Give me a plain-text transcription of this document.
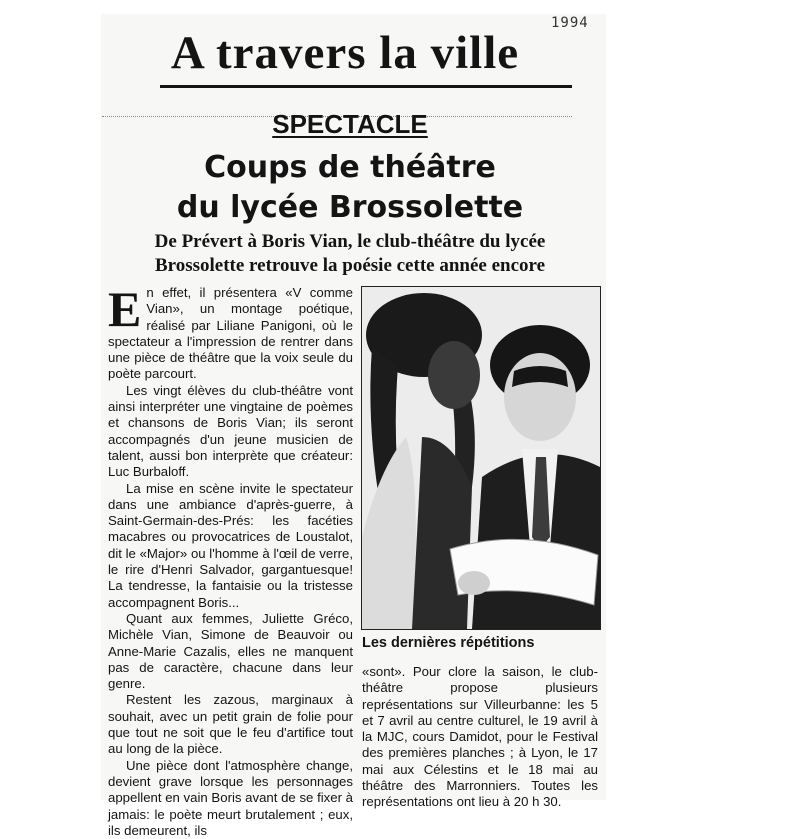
1994
A travers la ville
SPECTACLE
Coups de théâtre
du lycée Brossolette
De Prévert à Boris Vian, le club-théâtre du lycée
Brossolette retrouve la poésie cette année encore

En effet, il présentera «V comme Vian», un montage poétique, réalisé par Liliane Panigoni, où le spectateur a l'impression de rentrer dans une pièce de théâtre que la voix seule du poète parcourt.

Les vingt élèves du club-théâtre vont ainsi interpréter une vingtaine de poèmes et chansons de Boris Vian; ils seront accompagnés d'un jeune musicien de talent, aussi bon interprète que créateur: Luc Burbaloff.

La mise en scène invite le spectateur dans une ambiance d'après-guerre, à Saint-Germain-des-Prés: les facéties macabres ou provocatrices de Loustalot, dit le «Major» ou l'homme à l'œil de verre, le rire d'Henri Salvador, gargantuesque! La tendresse, la fantaisie ou la tristesse accompagnent Boris...

Quant aux femmes, Juliette Gréco, Michèle Vian, Simone de Beauvoir ou Anne-Marie Cazalis, elles ne manquent pas de caractère, chacune dans leur genre.

Restent les zazous, marginaux à souhait, avec un petit grain de folie pour que tout ne soit que le feu d'artifice tout au long de la pièce.

Une pièce dont l'atmosphère change, devient grave lorsque les personnages appellent en vain Boris avant de se fixer à jamais: le poète meurt brutalement ; eux, ils demeurent, ils

Les dernières répétitions

«sont». Pour clore la saison, le club-théâtre propose plusieurs représentations sur Villeurbanne: les 5 et 7 avril au centre culturel, le 19 avril à la MJC, cours Damidot, pour le Festival des premières planches ; à Lyon, le 17 mai aux Célestins et le 18 mai au théâtre des Marronniers. Toutes les représentations ont lieu à 20 h 30.
